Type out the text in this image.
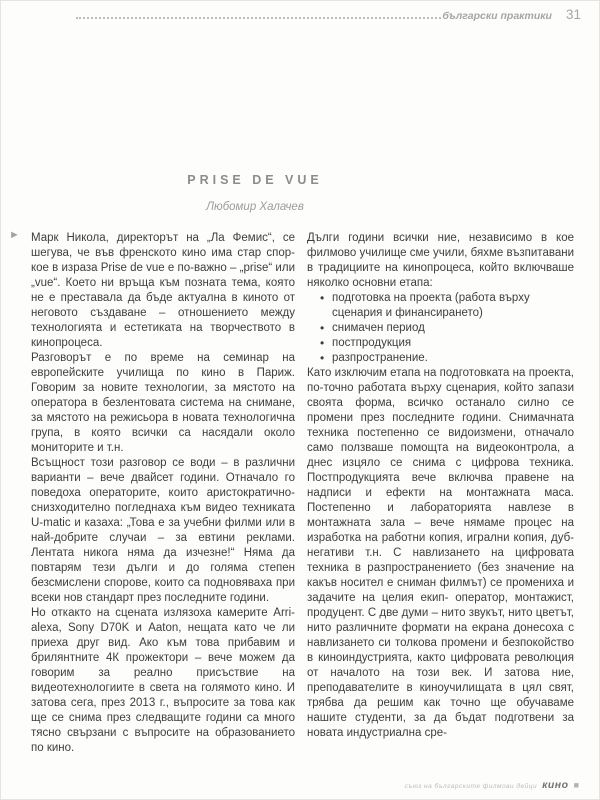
български практики 31
PRISE DE VUE
Любомир Халачев
► Марк Никола, директорът на „Ла Фемис“, се шегува, че във френското кино има стар спор- кое в израза Prise de vue е по-важно – „prise“ или „vue“. Което ни връща към позната тема, която не е преставала да бъде актуална в киното от неговото създаване – отношението между технологията и естетиката на творчеството в кинопроцеса.

Разговорът е по време на семинар на европейските училища по кино в Париж. Говорим за новите технологии, за мястото на оператора в безлентовата система на снимане, за мястото на режисьора в новата технологична група, в която всички са насядали около мониторите и т.н.

Всъщност този разговор се води – в различни варианти – вече двайсет години. Отначало го поведоха операторите, които аристократично-снизходително погледнаха към видео техниката U-matic и казаха: „Това е за учебни филми или в най-добрите случаи – за евтини реклами. Лентата никога няма да изчезне!“ Няма да повтарям тези дълги и до голяма степен безсмислени спорове, които са подновяваха при всеки нов стандарт през последните години.

Но откакто на сцената излязоха камерите Arri-alexa, Sony D70K и Aaton, нещата като че ли приеха друг вид. Ако към това прибавим и брилянтните 4К прожектори – вече можем да говорим за реално присъствие на видеотехнологиите в света на голямото кино. И затова сега, през 2013 г., въпросите за това как ще се снима през следващите години са много тясно свързани с въпросите на образованието по кино.

Дълги години всички ние, независимо в кое филмово училище сме учили, бяхме възпитавани в традициите на кинопроцеса, който включваше няколко основни етапа:

• подготовка на проекта (работа върху сценария и финансирането)
• снимачен период
• постпродукция
• разпространение.

Като изключим етапа на подготовката на проекта, по-точно работата върху сценария, който запази своята форма, всичко останало силно се промени през последните години. Снимачната техника постепенно се видоизмени, отначало само ползваше помощта на видеоконтрола, а днес изцяло се снима с цифрова техника. Постпродукцията вече включва правене на надписи и ефекти на монтажната маса. Постепенно и лабораторията навлезе в монтажната зала – вече нямаме процес на изработка на работни копия, игрални копия, дуб-негативи т.н. С навлизането на цифровата техника в разпространението (без значение на какъв носител е сниман филмът) се промениха и задачите на целия екип- оператор, монтажист, продуцент. С две думи – нито звукът, нито цветът, нито различните формати на екрана донесоха с навлизането си толкова промени и безпокойство в киноиндустрията, както цифровата революция от началото на този век. И затова ние, преподавателите в киноучилищата в цял свят, трябва да решим как точно ще обучаваме нашите студенти, за да бъдат подготвени за новата индустриална сре-

съюз на българските филмови дейци кино ■
